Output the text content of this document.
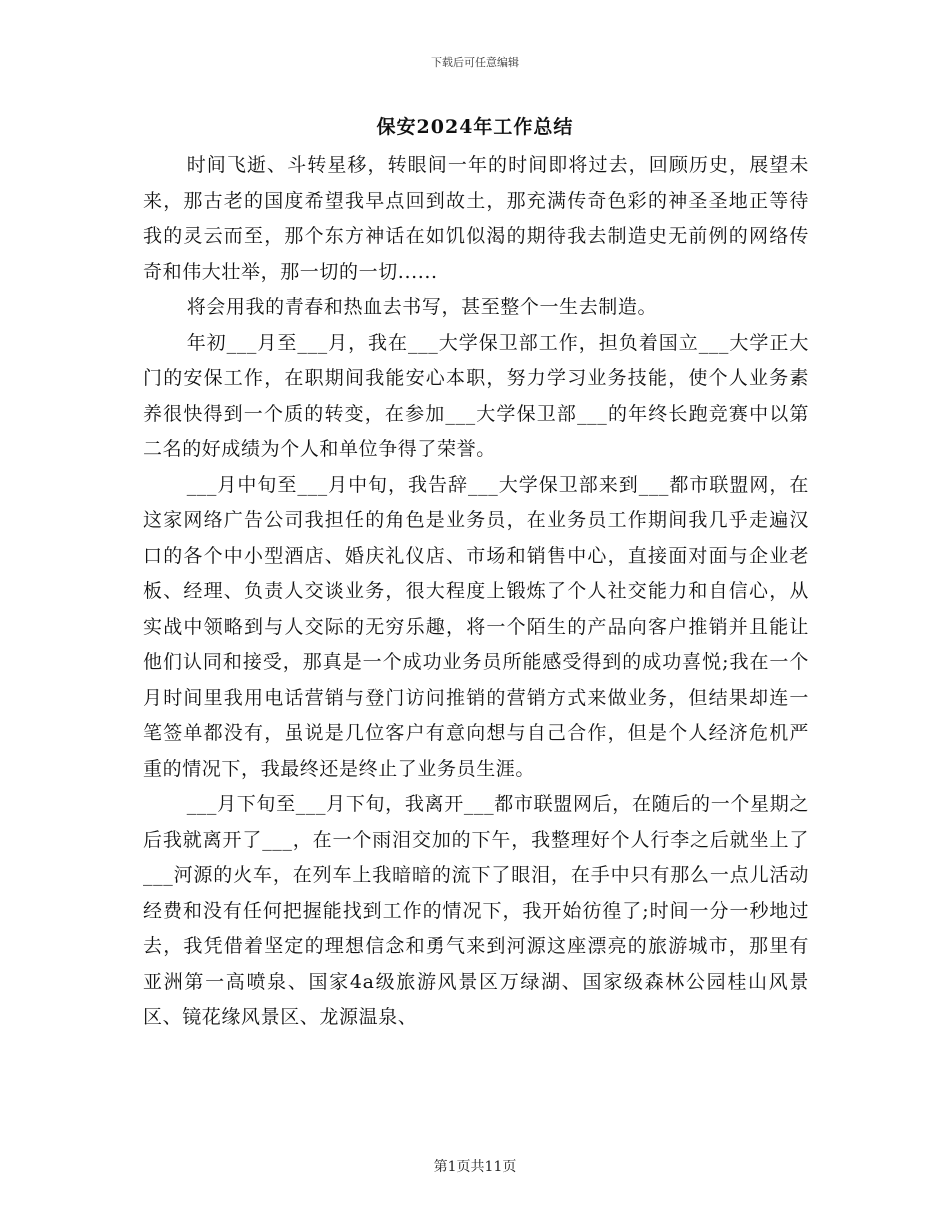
下载后可任意编辑
保安2024年工作总结

时间飞逝、斗转星移，转眼间一年的时间即将过去，回顾历史，展望未来，那古老的国度希望我早点回到故土，那充满传奇色彩的神圣圣地正等待我的灵云而至，那个东方神话在如饥似渴的期待我去制造史无前例的网络传奇和伟大壮举，那一切的一切......

将会用我的青春和热血去书写，甚至整个一生去制造。

年初___月至___月，我在___大学保卫部工作，担负着国立___大学正大门的安保工作，在职期间我能安心本职，努力学习业务技能，使个人业务素养很快得到一个质的转变，在参加___大学保卫部___的年终长跑竞赛中以第二名的好成绩为个人和单位争得了荣誉。

___月中旬至___月中旬，我告辞___大学保卫部来到___都市联盟网，在这家网络广告公司我担任的角色是业务员，在业务员工作期间我几乎走遍汉口的各个中小型酒店、婚庆礼仪店、市场和销售中心，直接面对面与企业老板、经理、负责人交谈业务，很大程度上锻炼了个人社交能力和自信心，从实战中领略到与人交际的无穷乐趣，将一个陌生的产品向客户推销并且能让他们认同和接受，那真是一个成功业务员所能感受得到的成功喜悦;我在一个月时间里我用电话营销与登门访问推销的营销方式来做业务，但结果却连一笔签单都没有，虽说是几位客户有意向想与自己合作，但是个人经济危机严重的情况下，我最终还是终止了业务员生涯。

___月下旬至___月下旬，我离开___都市联盟网后，在随后的一个星期之后我就离开了___，在一个雨泪交加的下午，我整理好个人行李之后就坐上了___河源的火车，在列车上我暗暗的流下了眼泪，在手中只有那么一点儿活动经费和没有任何把握能找到工作的情况下，我开始彷徨了;时间一分一秒地过去，我凭借着坚定的理想信念和勇气来到河源这座漂亮的旅游城市，那里有亚洲第一高喷泉、国家4a级旅游风景区万绿湖、国家级森林公园桂山风景区、镜花缘风景区、龙源温泉、

第1页共11页
